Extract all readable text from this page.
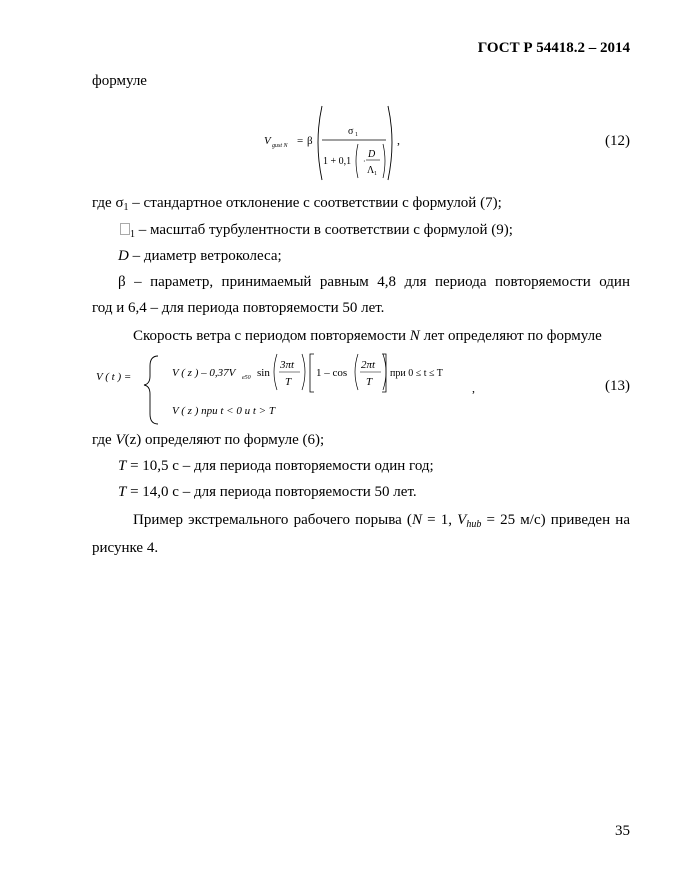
ГОСТ Р 54418.2 – 2014
формуле
V gust N = β
σ 1
1 + 0,1 ·
D
Λ 1
,	(12)
где $\sigma_1$ – стандартное отклонение с соответствии с формулой (7);
$_1$ – масштаб турбулентности в соответствии с формулой (9);
D – диаметр ветроколеса;
β – параметр, принимаемый равным 4,8 для периода повторяемости один
год и 6,4 – для периода повторяемости 50 лет.
Скорость ветра с периодом повторяемости N лет определяют по формуле
V ( t ) =	V ( z ) – 0,37V e50 sin
3πt
T
1 – cos
2πt
T
при 0 ≤ t ≤ T
V ( z ) при t < 0 и t > T
,	(13)
где V(z) определяют по формуле (6);
T = 10,5 с – для периода повторяемости один год;
T = 14,0 с – для периода повторяемости 50 лет.
Пример экстремального рабочего порыва (N = 1, $V_{hub} = 25$ м/с) приведен на
рисунке 4.
35
